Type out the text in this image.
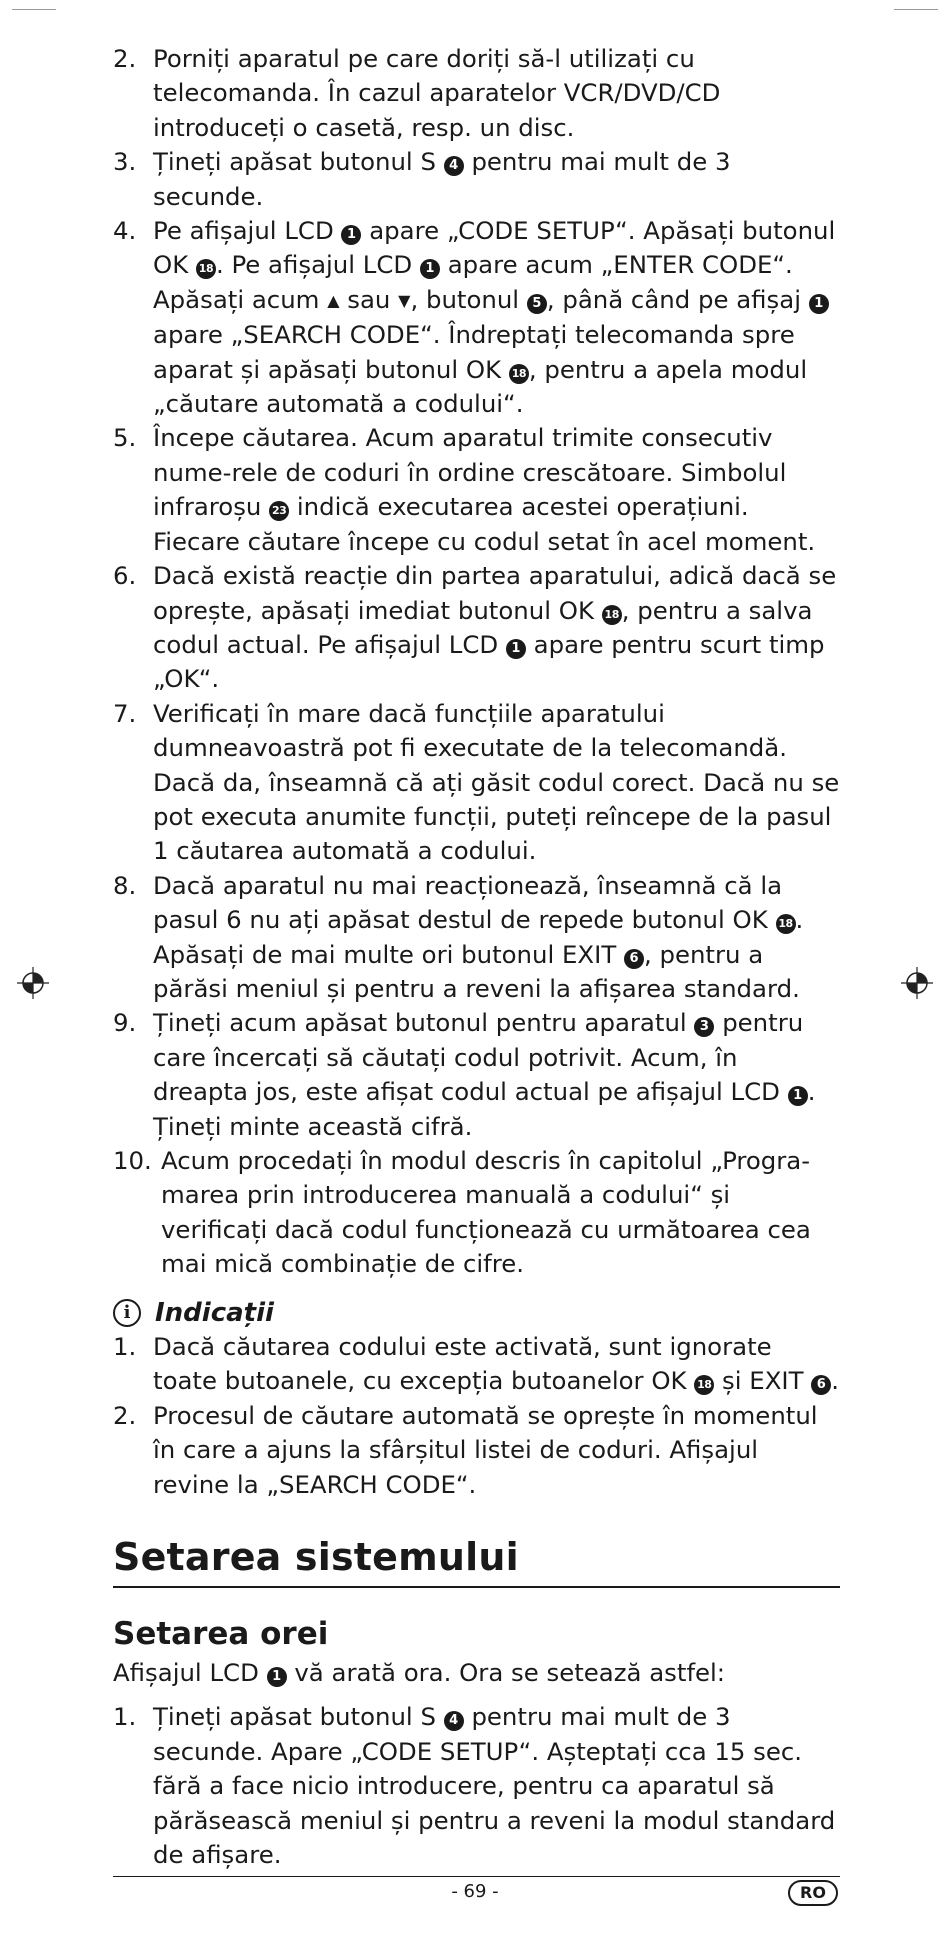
2. Porniți aparatul pe care doriți să-l utilizați cu telecomanda. În cazul aparatelor VCR/DVD/CD introduceți o casetă, resp. un disc.
3. Țineți apăsat butonul S 4 pentru mai mult de 3 secunde.
4. Pe afișajul LCD 1 apare „CODE SETUP“. Apăsați butonul OK 18 . Pe afișajul LCD 1 apare acum „ENTER CODE“. Apăsați acum ▲ sau ▼, butonul 5 , până când pe afișaj 1 apare „SEARCH CODE“. Îndreptați telecomanda spre aparat și apăsați butonul OK 18 , pentru a apela modul „căutare automată a codului“.
5. Începe căutarea. Acum aparatul trimite consecutiv nume-rele de coduri în ordine crescătoare. Simbolul infraroșu 23 indică executarea acestei operațiuni. Fiecare căutare începe cu codul setat în acel moment.
6. Dacă există reacție din partea aparatului, adică dacă se oprește, apăsați imediat butonul OK 18 , pentru a salva codul actual. Pe afișajul LCD 1 apare pentru scurt timp „OK“.
7. Verificați în mare dacă funcțiile aparatului dumneavoastră pot fi executate de la telecomandă. Dacă da, înseamnă că ați găsit codul corect. Dacă nu se pot executa anumite funcții, puteți reîncepe de la pasul 1 căutarea automată a codului.
8. Dacă aparatul nu mai reacționează, înseamnă că la pasul 6 nu ați apăsat destul de repede butonul OK 18 . Apăsați de mai multe ori butonul EXIT 6 , pentru a părăsi meniul și pentru a reveni la afișarea standard.
9. Țineți acum apăsat butonul pentru aparatul 3 pentru care încercați să căutați codul potrivit. Acum, în dreapta jos, este afișat codul actual pe afișajul LCD 1 . Țineți minte această cifră.
10. Acum procedați în modul descris în capitolul „Progra-marea prin introducerea manuală a codului“ și verificați dacă codul funcționează cu următoarea cea mai mică combinație de cifre.
i Indicații
1. Dacă căutarea codului este activată, sunt ignorate toate butoanele, cu excepția butoanelor OK 18 și EXIT 6 .
2. Procesul de căutare automată se oprește în momentul în care a ajuns la sfârșitul listei de coduri. Afișajul revine la „SEARCH CODE“.
Setarea sistemului
Setarea orei

Afișajul LCD 1 vă arată ora. Ora se setează astfel:

1. Țineți apăsat butonul S 4 pentru mai mult de 3 secunde. Apare „CODE SETUP“. Așteptați cca 15 sec. fără a face nicio introducere, pentru ca aparatul să părăsească meniul și pentru a reveni la modul standard de afișare.
- 69 -	RO
